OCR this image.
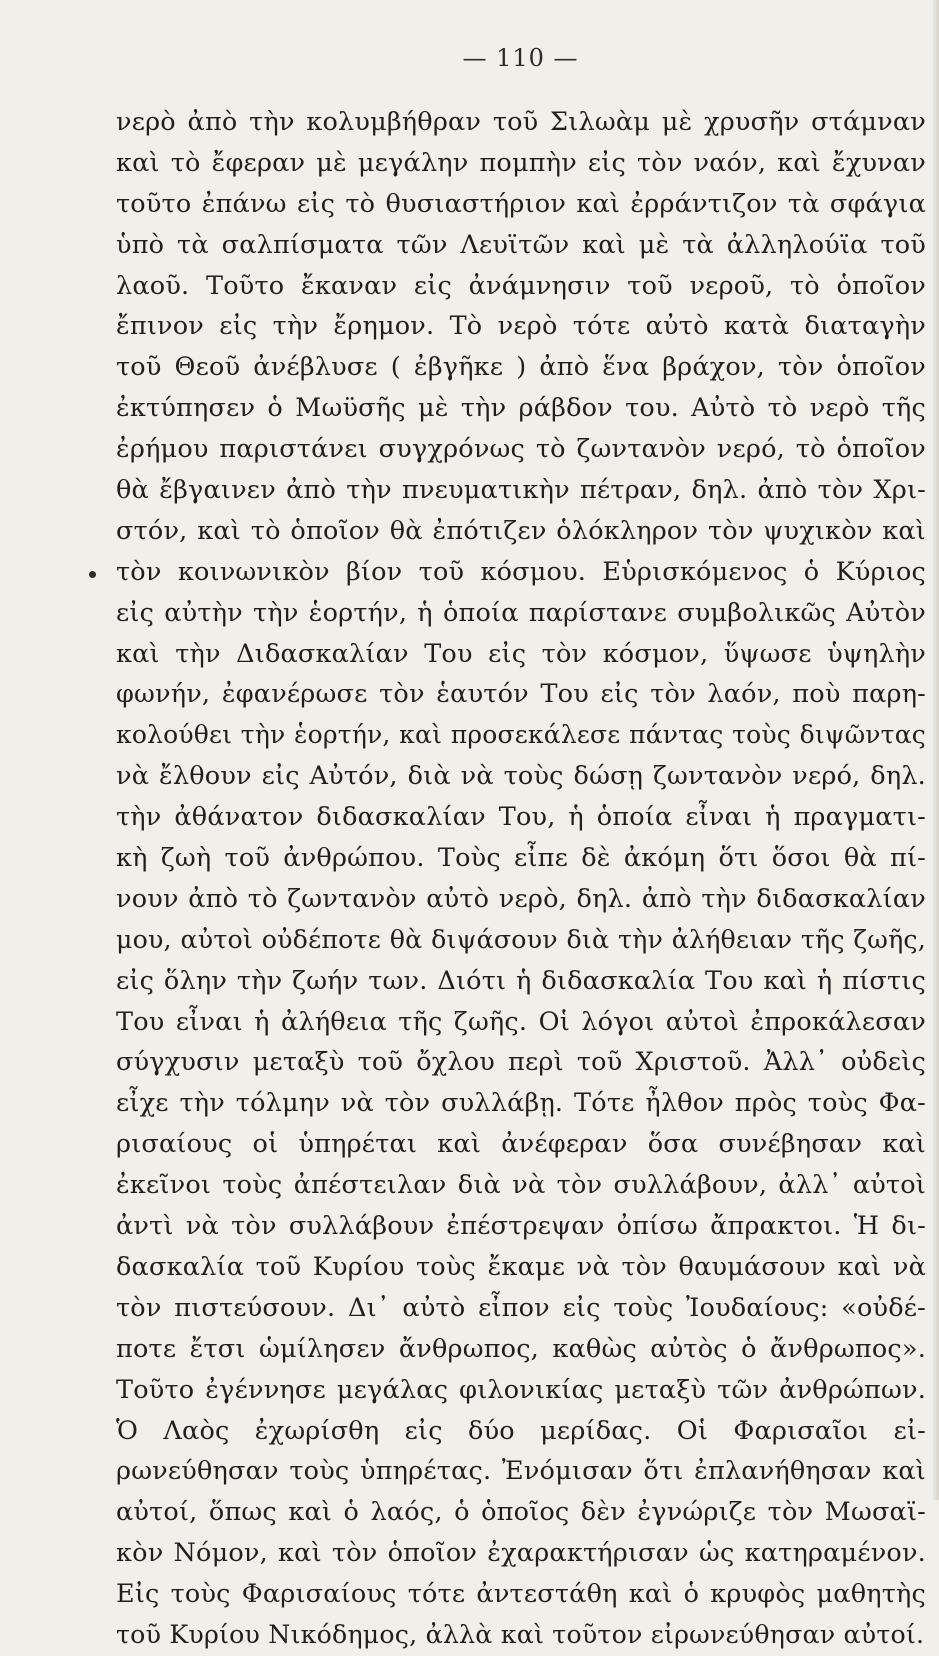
— 110 —
νερὸ ἀπὸ τὴν κολυμβήθραν τοῦ Σιλωὰμ μὲ χρυσῆν στάμναν
καὶ τὸ ἔφεραν μὲ μεγάλην πομπὴν εἰς τὸν ναόν, καὶ ἔχυναν
τοῦτο ἐπάνω εἰς τὸ θυσιαστήριον καὶ ἐρράντιζον τὰ σφάγια
ὑπὸ τὰ σαλπίσματα τῶν Λευϊτῶν καὶ μὲ τὰ ἀλληλούϊα τοῦ
λαοῦ. Τοῦτο ἔκαναν εἰς ἀνάμνησιν τοῦ νεροῦ, τὸ ὁποῖον
ἔπινον εἰς τὴν ἔρημον. Τὸ νερὸ τότε αὐτὸ κατὰ διαταγὴν
τοῦ Θεοῦ ἀνέβλυσε ( ἐβγῆκε ) ἀπὸ ἕνα βράχον, τὸν ὁποῖον
ἐκτύπησεν ὁ Μωϋσῆς μὲ τὴν ράβδον του. Αὐτὸ τὸ νερὸ τῆς
ἐρήμου παριστάνει συγχρόνως τὸ ζωντανὸν νερό, τὸ ὁποῖον
θὰ ἔβγαινεν ἀπὸ τὴν πνευματικὴν πέτραν, δηλ. ἀπὸ τὸν Χρι-
στόν, καὶ τὸ ὁποῖον θὰ ἐπότιζεν ὁλόκληρον τὸν ψυχικὸν καὶ
τὸν κοινωνικὸν βίον τοῦ κόσμου. Εὑρισκόμενος ὁ Κύριος
εἰς αὐτὴν τὴν ἑορτήν, ἡ ὁποία παρίστανε συμβολικῶς Αὐτὸν
καὶ τὴν Διδασκαλίαν Του εἰς τὸν κόσμον, ὕψωσε ὑψηλὴν
φωνήν, ἐφανέρωσε τὸν ἑαυτόν Του εἰς τὸν λαόν, ποὺ παρη-
κολούθει τὴν ἑορτήν, καὶ προσεκάλεσε πάντας τοὺς διψῶντας
νὰ ἔλθουν εἰς Αὐτόν, διὰ νὰ τοὺς δώσῃ ζωντανὸν νερό, δηλ.
τὴν ἀθάνατον διδασκαλίαν Του, ἡ ὁποία εἶναι ἡ πραγματι-
κὴ ζωὴ τοῦ ἀνθρώπου. Τοὺς εἶπε δὲ ἀκόμη ὅτι ὅσοι θὰ πί-
νουν ἀπὸ τὸ ζωντανὸν αὐτὸ νερὸ, δηλ. ἀπὸ τὴν διδασκαλίαν
μου, αὐτοὶ οὐδέποτε θὰ διψάσουν διὰ τὴν ἀλήθειαν τῆς ζωῆς,
εἰς ὅλην τὴν ζωήν των. Διότι ἡ διδασκαλία Του καὶ ἡ πίστις
Του εἶναι ἡ ἀλήθεια τῆς ζωῆς. Οἱ λόγοι αὐτοὶ ἐπροκάλεσαν
σύγχυσιν μεταξὺ τοῦ ὄχλου περὶ τοῦ Χριστοῦ. Ἀλλ᾽ οὐδεὶς
εἶχε τὴν τόλμην νὰ τὸν συλλάβῃ. Τότε ἦλθον πρὸς τοὺς Φα-
ρισαίους οἱ ὑπηρέται καὶ ἀνέφεραν ὅσα συνέβησαν καὶ
ἐκεῖνοι τοὺς ἀπέστειλαν διὰ νὰ τὸν συλλάβουν, ἀλλ᾽ αὐτοὶ
ἀντὶ νὰ τὸν συλλάβουν ἐπέστρεψαν ὀπίσω ἄπρακτοι. Ἡ δι-
δασκαλία τοῦ Κυρίου τοὺς ἔκαμε νὰ τὸν θαυμάσουν καὶ νὰ
τὸν πιστεύσουν. Δι᾽ αὐτὸ εἶπον εἰς τοὺς Ἰουδαίους: «οὐδέ-
ποτε ἔτσι ὡμίλησεν ἄνθρωπος, καθὼς αὐτὸς ὁ ἄνθρωπος».
Τοῦτο ἐγέννησε μεγάλας φιλονικίας μεταξὺ τῶν ἀνθρώπων.
Ὁ Λαὸς ἐχωρίσθη εἰς δύο μερίδας. Οἱ Φαρισαῖοι εἰ-
ρωνεύθησαν τοὺς ὑπηρέτας. Ἐνόμισαν ὅτι ἐπλανήθησαν καὶ
αὐτοί, ὅπως καὶ ὁ λαός, ὁ ὁποῖος δὲν ἐγνώριζε τὸν Μωσαϊ-
κὸν Νόμον, καὶ τὸν ὁποῖον ἐχαρακτήρισαν ὡς κατηραμένον.
Εἰς τοὺς Φαρισαίους τότε ἀντεστάθη καὶ ὁ κρυφὸς μαθητὴς
τοῦ Κυρίου Νικόδημος, ἀλλὰ καὶ τοῦτον εἰρωνεύθησαν αὐτοί.
